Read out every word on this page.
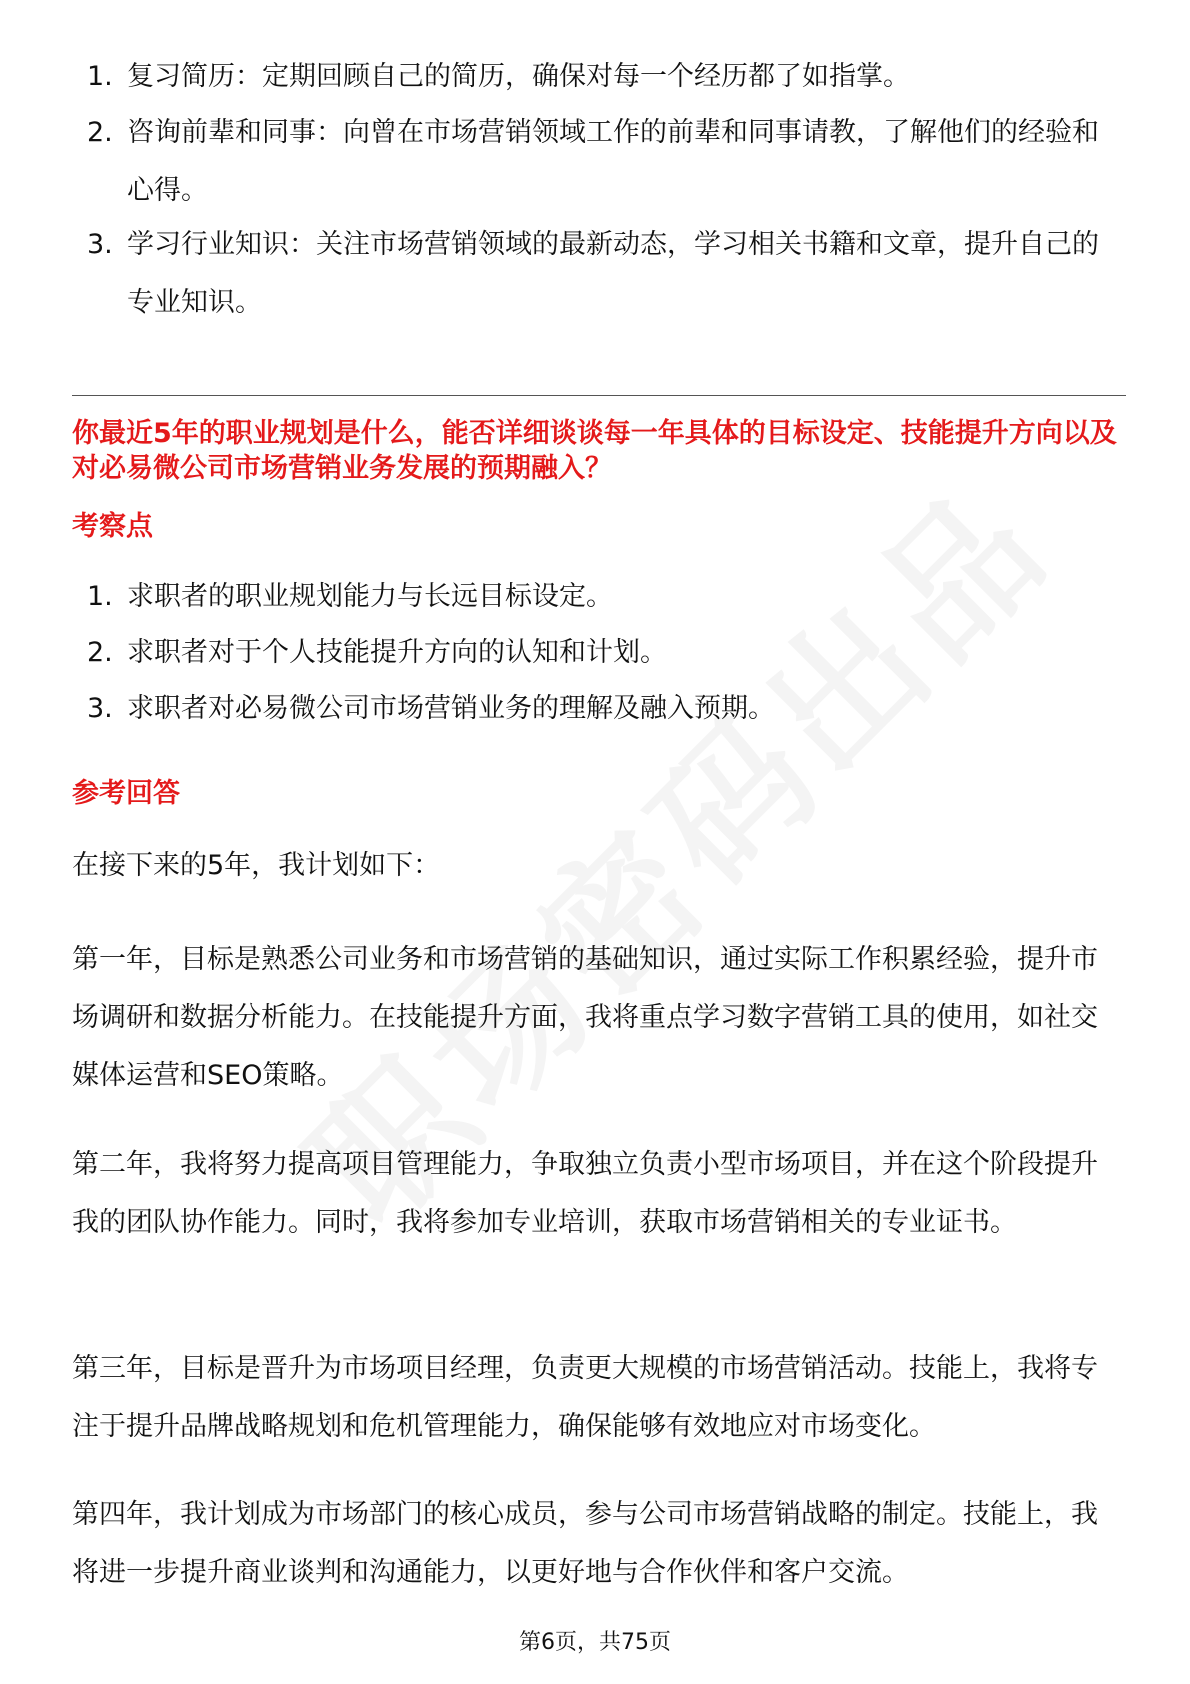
1. 复习简历：定期回顾自己的简历，确保对每一个经历都了如指掌。
2. 咨询前辈和同事：向曾在市场营销领域工作的前辈和同事请教，了解他们的经验和心得。
3. 学习行业知识：关注市场营销领域的最新动态，学习相关书籍和文章，提升自己的专业知识。
你最近5年的职业规划是什么，能否详细谈谈每一年具体的目标设定、技能提升方向以及对必易微公司市场营销业务发展的预期融入？
考察点
1. 求职者的职业规划能力与长远目标设定。
2. 求职者对于个人技能提升方向的认知和计划。
3. 求职者对必易微公司市场营销业务的理解及融入预期。
参考回答

在接下来的5年，我计划如下：

第一年，目标是熟悉公司业务和市场营销的基础知识，通过实际工作积累经验，提升市场调研和数据分析能力。在技能提升方面，我将重点学习数字营销工具的使用，如社交媒体运营和SEO策略。

第二年，我将努力提高项目管理能力，争取独立负责小型市场项目，并在这个阶段提升我的团队协作能力。同时，我将参加专业培训，获取市场营销相关的专业证书。

第三年，目标是晋升为市场项目经理，负责更大规模的市场营销活动。技能上，我将专注于提升品牌战略规划和危机管理能力，确保能够有效地应对市场变化。

第四年，我计划成为市场部门的核心成员，参与公司市场营销战略的制定。技能上，我将进一步提升商业谈判和沟通能力，以更好地与合作伙伴和客户交流。

第6页，共75页
